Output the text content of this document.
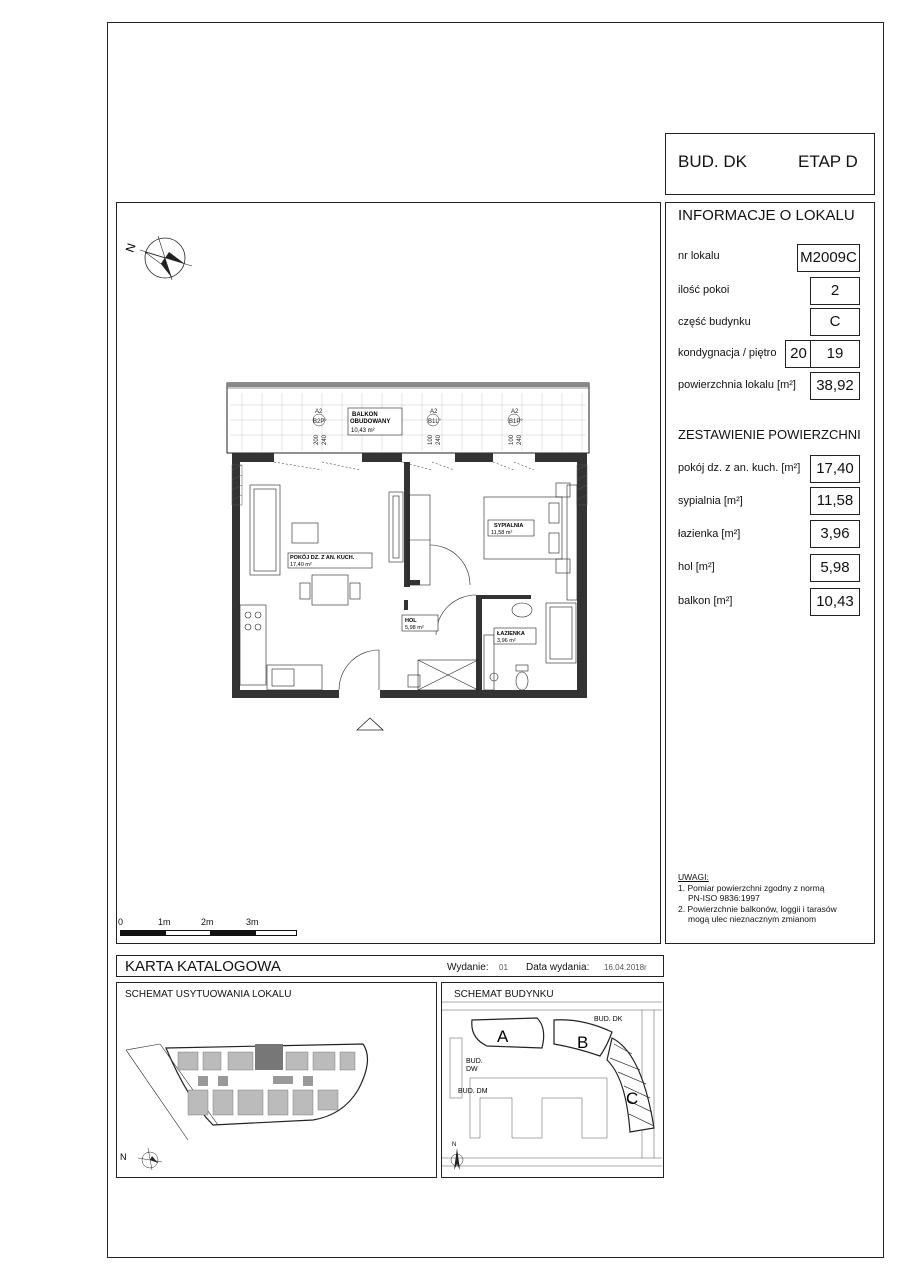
BUD. DK	ETAP D
INFORMACJE O LOKALU
nr lokalu	M2009C
ilość pokoi	2
część budynku	C
kondygnacja / piętro 20	19
powierzchnia lokalu [m²]	38,92
ZESTAWIENIE POWIERZCHNI
pokój dz. z an. kuch. [m²]	17,40
sypialnia [m²]	11,58
łazienka [m²]	3,96
hol [m²]	5,98
balkon [m²]	10,43
UWAGI:
1. Pomiar powierzchni zgodny z normą
PN-ISO 9836:1997
2. Powierzchnie balkonów, loggii i tarasów
mogą ulec nieznacznym zmianom
N
A2
B2P°
200 240
A2
B1L°
100 240
A2
B1P°
100 240
BALKON
OBUDOWANY
10,43 m²
POKÓJ DZ. Z AN. KUCH.
17,40 m²
HOL
5,98 m²
SYPIALNIA
11,58 m²
ŁAZIENKA
3,96 m²
0	1m	2m	3m
KARTA KATALOGOWA	Wydanie: 01 Data wydania: 16.04.2018r
SCHEMAT USYTUOWANIA LOKALU
N
SCHEMAT BUDYNKU
A	B
C
BUD. DK
BUD.
DW
BUD. DM
N
